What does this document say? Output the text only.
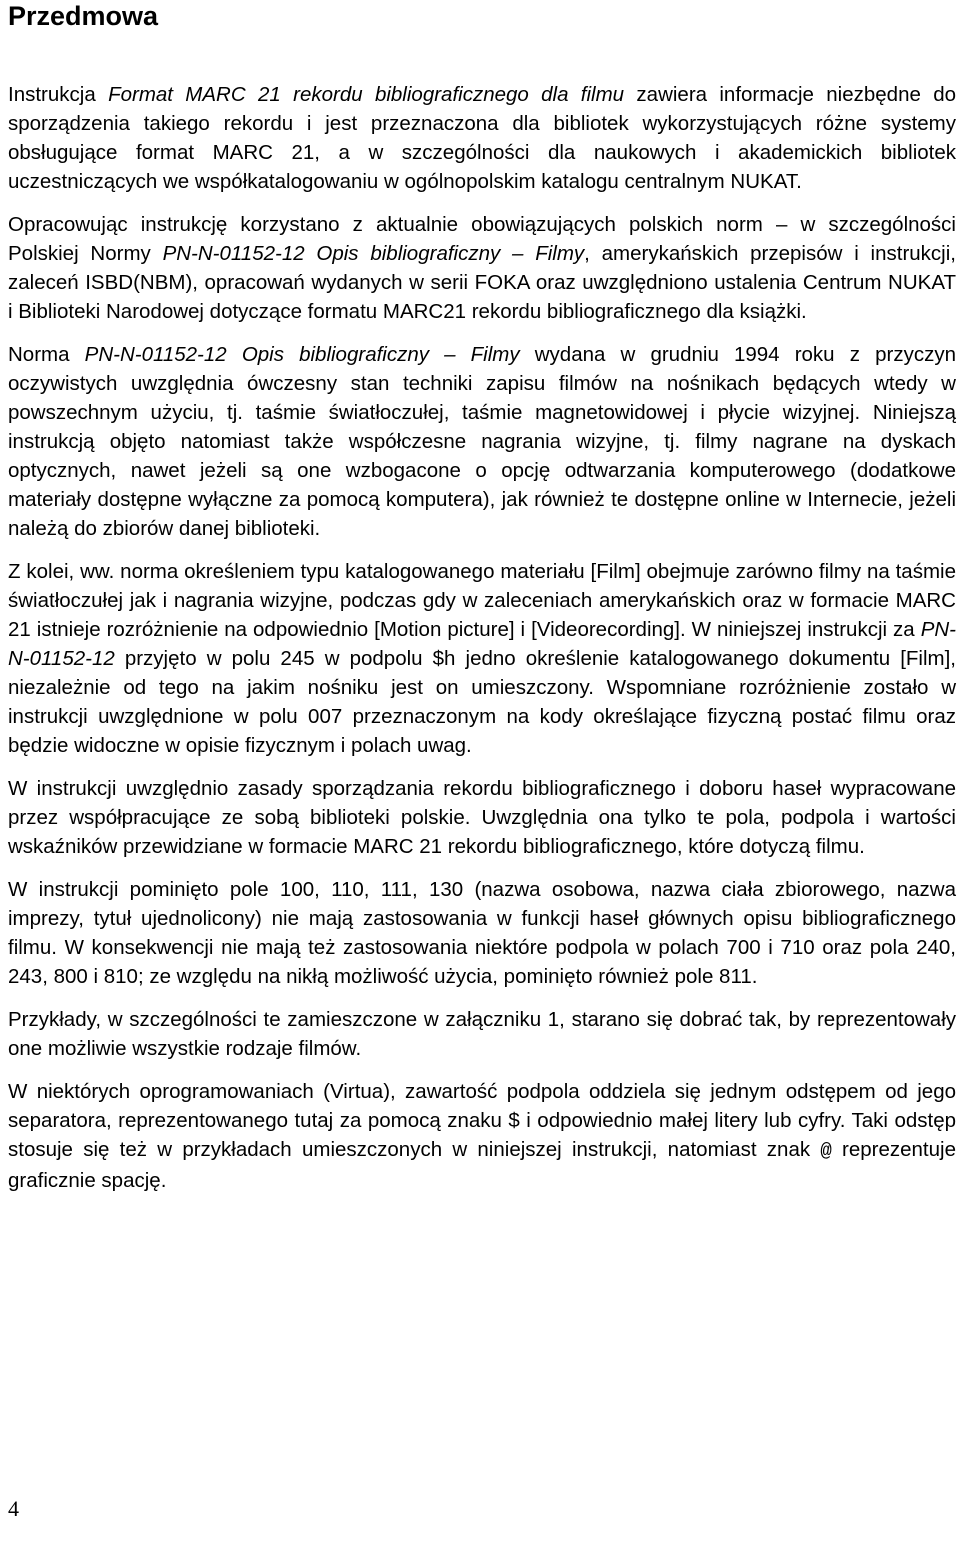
Przedmowa

Instrukcja Format MARC 21 rekordu bibliograficznego dla filmu zawiera informacje niezbędne do sporządzenia takiego rekordu i jest przeznaczona dla bibliotek wykorzystujących różne systemy obsługujące format MARC 21, a w szczególności dla naukowych i akademickich bibliotek uczestniczących we współkatalogowaniu w ogólnopolskim katalogu centralnym NUKAT.

Opracowując instrukcję korzystano z aktualnie obowiązujących polskich norm – w szczególności Polskiej Normy PN-N-01152-12 Opis bibliograficzny – Filmy, amerykańskich przepisów i instrukcji, zaleceń ISBD(NBM), opracowań wydanych w serii FOKA oraz uwzględniono ustalenia Centrum NUKAT i Biblioteki Narodowej dotyczące formatu MARC21 rekordu bibliograficznego dla książki.

Norma PN-N-01152-12 Opis bibliograficzny – Filmy wydana w grudniu 1994 roku z przyczyn oczywistych uwzględnia ówczesny stan techniki zapisu filmów na nośnikach będących wtedy w powszechnym użyciu, tj. taśmie światłoczułej, taśmie magnetowidowej i płycie wizyjnej. Niniejszą instrukcją objęto natomiast także współczesne nagrania wizyjne, tj. filmy nagrane na dyskach optycznych, nawet jeżeli są one wzbogacone o opcję odtwarzania komputerowego (dodatkowe materiały dostępne wyłączne za pomocą komputera), jak również te dostępne online w Internecie, jeżeli należą do zbiorów danej biblioteki.

Z kolei, ww. norma określeniem typu katalogowanego materiału [Film] obejmuje zarówno filmy na taśmie światłoczułej jak i nagrania wizyjne, podczas gdy w zaleceniach amerykańskich oraz w formacie MARC 21 istnieje rozróżnienie na odpowiednio [Motion picture] i [Videorecording]. W niniejszej instrukcji za PN-N-01152-12 przyjęto w polu 245 w podpolu $h jedno określenie katalogowanego dokumentu [Film], niezależnie od tego na jakim nośniku jest on umieszczony. Wspomniane rozróżnienie zostało w instrukcji uwzględnione w polu 007 przeznaczonym na kody określające fizyczną postać filmu oraz będzie widoczne w opisie fizycznym i polach uwag.

W instrukcji uwzględnio zasady sporządzania rekordu bibliograficznego i doboru haseł wypracowane przez współpracujące ze sobą biblioteki polskie. Uwzględnia ona tylko te pola, podpola i wartości wskaźników przewidziane w formacie MARC 21 rekordu bibliograficznego, które dotyczą filmu.

W instrukcji pominięto pole 100, 110, 111, 130 (nazwa osobowa, nazwa ciała zbiorowego, nazwa imprezy, tytuł ujednolicony) nie mają zastosowania w funkcji haseł głównych opisu bibliograficznego filmu. W konsekwencji nie mają też zastosowania niektóre podpola w polach 700 i 710 oraz pola 240, 243, 800 i 810; ze względu na nikłą możliwość użycia, pominięto również pole 811.

Przykłady, w szczególności te zamieszczone w załączniku 1, starano się dobrać tak, by reprezentowały one możliwie wszystkie rodzaje filmów.

W niektórych oprogramowaniach (Virtua), zawartość podpola oddziela się jednym odstępem od jego separatora, reprezentowanego tutaj za pomocą znaku $ i odpowiednio małej litery lub cyfry. Taki odstęp stosuje się też w przykładach umieszczonych w niniejszej instrukcji, natomiast znak @ reprezentuje graficznie spację.

4
